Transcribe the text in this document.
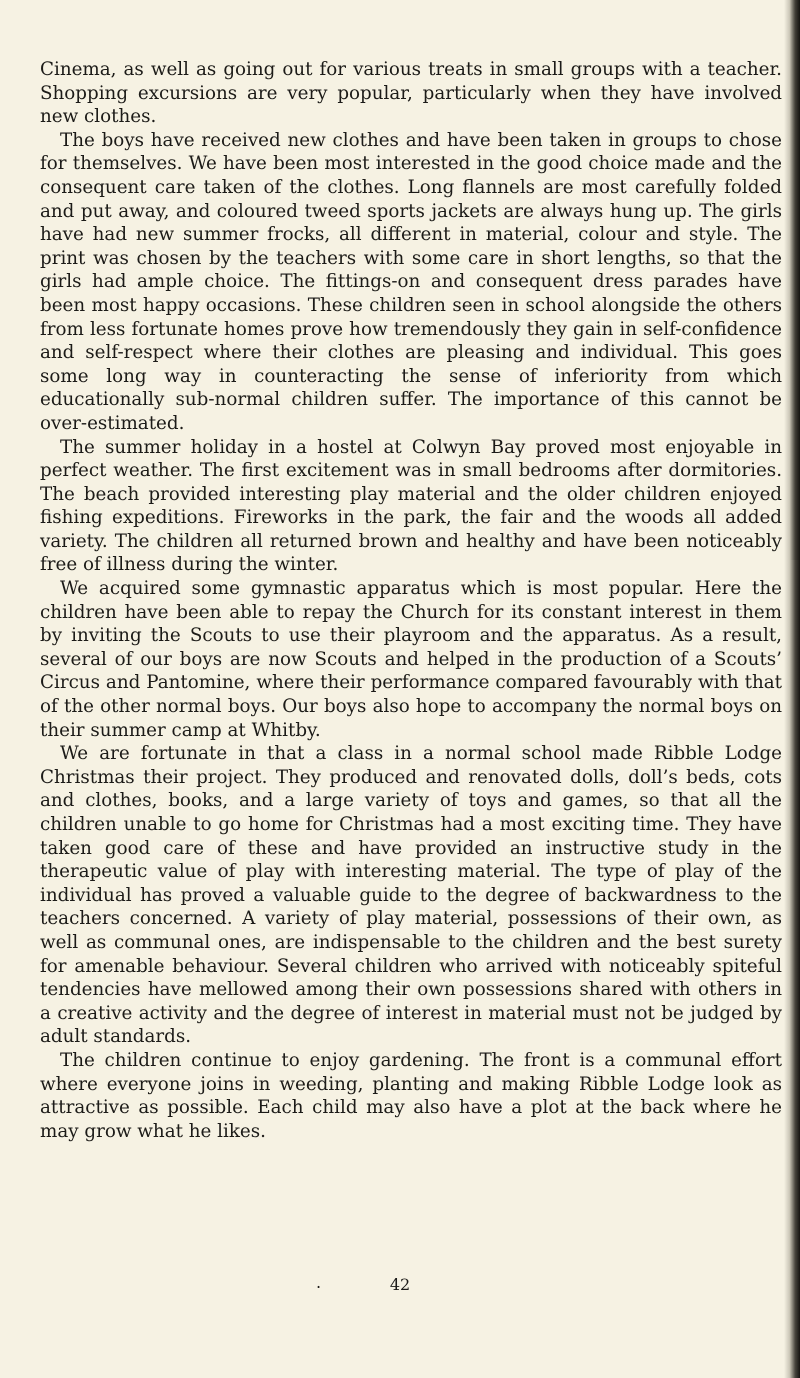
Cinema, as well as going out for various treats in small groups with a teacher. Shopping excursions are very popular, particularly when they have involved new clothes.

The boys have received new clothes and have been taken in groups to chose for themselves. We have been most interested in the good choice made and the consequent care taken of the clothes. Long flannels are most carefully folded and put away, and coloured tweed sports jackets are always hung up. The girls have had new summer frocks, all different in material, colour and style. The print was chosen by the teachers with some care in short lengths, so that the girls had ample choice. The fittings-on and consequent dress parades have been most happy occasions. These children seen in school alongside the others from less fortunate homes prove how tremendously they gain in self-confidence and self-respect where their clothes are pleasing and individual. This goes some long way in counteracting the sense of inferiority from which educationally sub-normal children suffer. The importance of this cannot be over-estimated.

The summer holiday in a hostel at Colwyn Bay proved most enjoyable in perfect weather. The first excitement was in small bedrooms after dormitories. The beach provided interesting play material and the older children enjoyed fishing expeditions. Fireworks in the park, the fair and the woods all added variety. The children all returned brown and healthy and have been noticeably free of illness during the winter.

We acquired some gymnastic apparatus which is most popular. Here the children have been able to repay the Church for its constant interest in them by inviting the Scouts to use their playroom and the apparatus. As a result, several of our boys are now Scouts and helped in the production of a Scouts’ Circus and Pantomine, where their performance compared favourably with that of the other normal boys. Our boys also hope to accompany the normal boys on their summer camp at Whitby.

We are fortunate in that a class in a normal school made Ribble Lodge Christmas their project. They produced and renovated dolls, doll’s beds, cots and clothes, books, and a large variety of toys and games, so that all the children unable to go home for Christmas had a most exciting time. They have taken good care of these and have provided an instructive study in the therapeutic value of play with interesting material. The type of play of the individual has proved a valuable guide to the degree of backwardness to the teachers concerned. A variety of play material, possessions of their own, as well as communal ones, are indispensable to the children and the best surety for amenable behaviour. Several children who arrived with noticeably spiteful tendencies have mellowed among their own possessions shared with others in a creative activity and the degree of interest in material must not be judged by adult standards.

The children continue to enjoy gardening. The front is a communal effort where everyone joins in weeding, planting and making Ribble Lodge look as attractive as possible. Each child may also have a plot at the back where he may grow what he likes.

.	42
